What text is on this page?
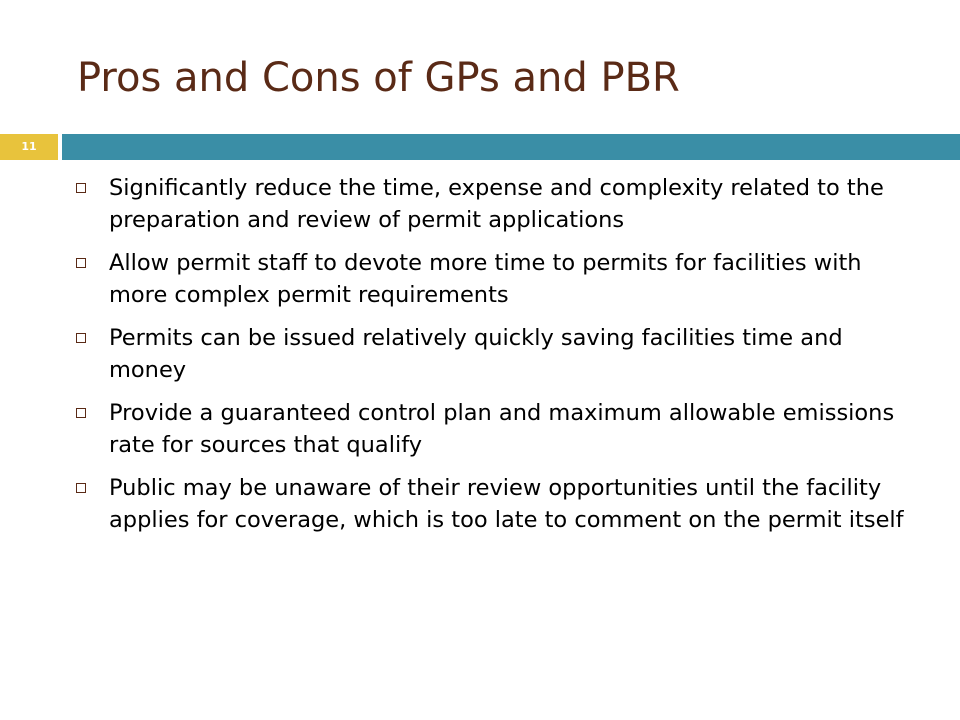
Pros and Cons of GPs and PBR
11
Significantly reduce the time, expense and complexity related to the preparation and review of permit applications
Allow permit staff to devote more time to permits for facilities with more complex permit requirements
Permits can be issued relatively quickly saving facilities time and money
Provide a guaranteed control plan and maximum allowable emissions rate for sources that qualify
Public may be unaware of their review opportunities until the facility applies for coverage, which is too late to comment on the permit itself
